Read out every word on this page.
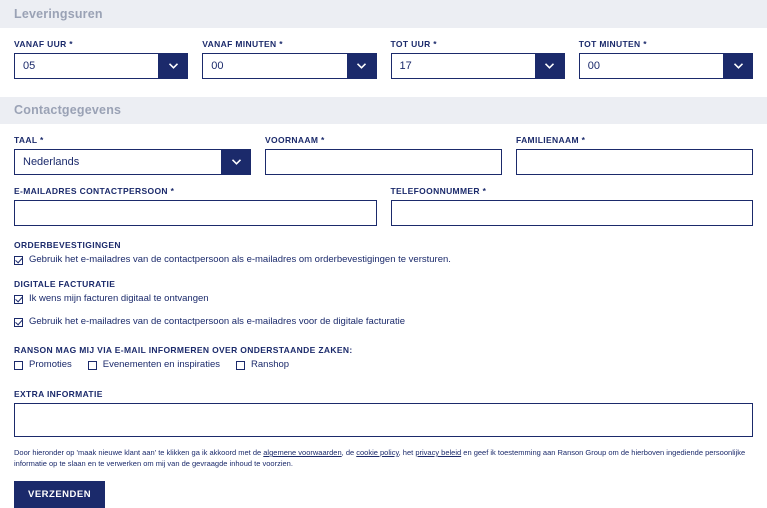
Leveringsuren
VANAF UUR *
05
VANAF MINUTEN *
00
TOT UUR *
17
TOT MINUTEN *
00
Contactgegevens
TAAL *
Nederlands
VOORNAAM *	FAMILIENAAM *
E-MAILADRES CONTACTPERSOON *	TELEFOONNUMMER *
ORDERBEVESTIGINGEN
Gebruik het e-mailadres van de contactpersoon als e-mailadres om orderbevestigingen te versturen.
DIGITALE FACTURATIE
Ik wens mijn facturen digitaal te ontvangen
Gebruik het e-mailadres van de contactpersoon als e-mailadres voor de digitale facturatie
RANSON MAG MIJ VIA E-MAIL INFORMEREN OVER ONDERSTAANDE ZAKEN:
Promoties	Evenementen en inspiraties	Ranshop
EXTRA INFORMATIE
Door hieronder op 'maak nieuwe klant aan' te klikken ga ik akkoord met de algemene voorwaarden, de cookie policy, het privacy beleid en geef ik toestemming aan Ranson Group om de hierboven ingediende persoonlijke informatie op te slaan en te verwerken om mij van de gevraagde inhoud te voorzien.
VERZENDEN
